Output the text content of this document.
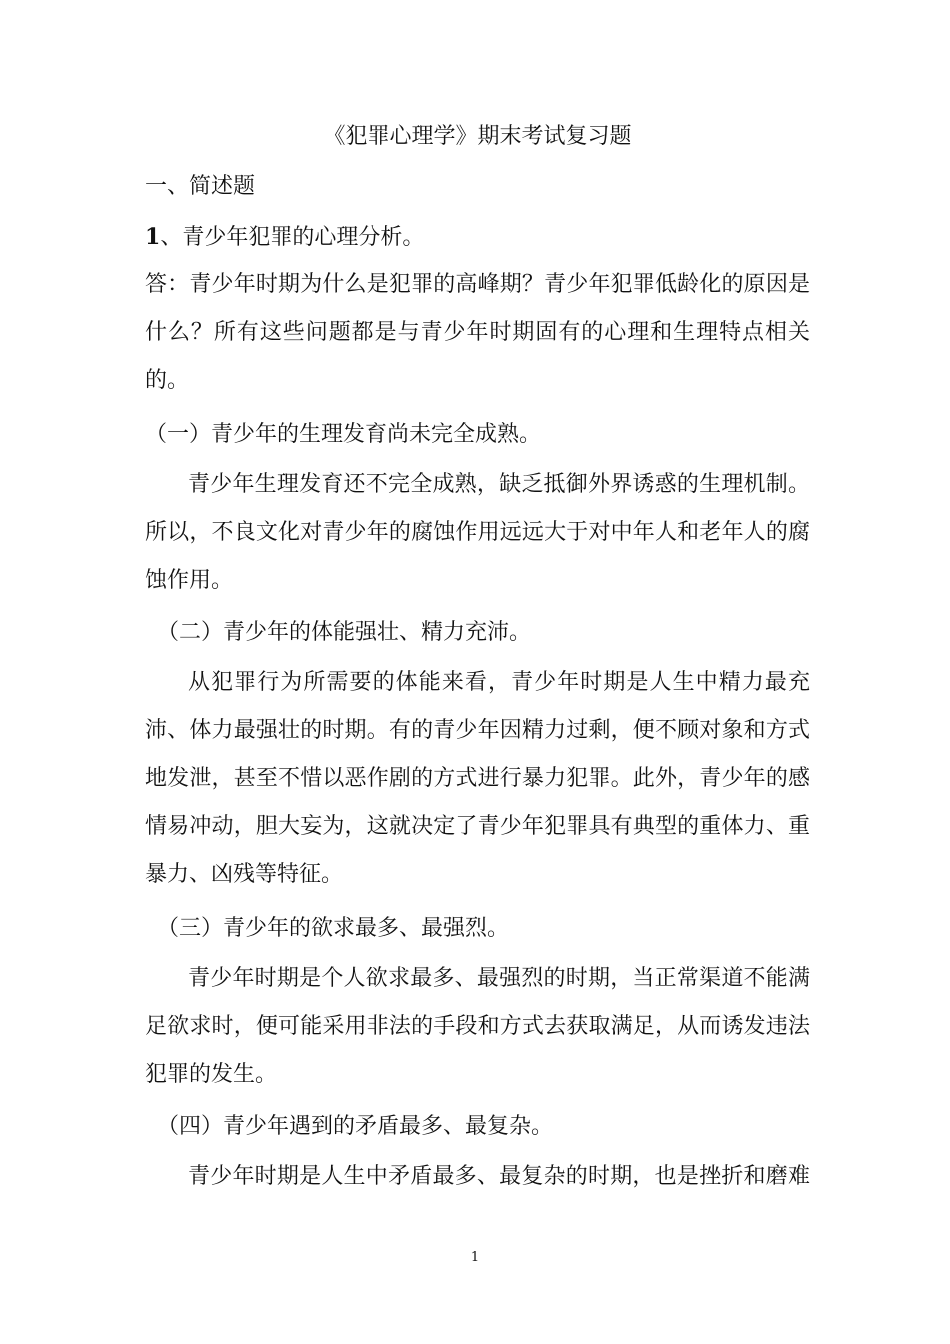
《犯罪心理学》期末考试复习题
一、简述题
1、青少年犯罪的心理分析。
答：青少年时期为什么是犯罪的高峰期？青少年犯罪低龄化的原因是
什么？所有这些问题都是与青少年时期固有的心理和生理特点相关
的。
（一）青少年的生理发育尚未完全成熟。
青少年生理发育还不完全成熟，缺乏抵御外界诱惑的生理机制。
所以，不良文化对青少年的腐蚀作用远远大于对中年人和老年人的腐
蚀作用。
（二）青少年的体能强壮、精力充沛。
从犯罪行为所需要的体能来看，青少年时期是人生中精力最充
沛、体力最强壮的时期。有的青少年因精力过剩，便不顾对象和方式
地发泄，甚至不惜以恶作剧的方式进行暴力犯罪。此外，青少年的感
情易冲动，胆大妄为，这就决定了青少年犯罪具有典型的重体力、重
暴力、凶残等特征。
（三）青少年的欲求最多、最强烈。
青少年时期是个人欲求最多、最强烈的时期，当正常渠道不能满
足欲求时，便可能采用非法的手段和方式去获取满足，从而诱发违法
犯罪的发生。
（四）青少年遇到的矛盾最多、最复杂。
青少年时期是人生中矛盾最多、最复杂的时期，也是挫折和磨难
1
